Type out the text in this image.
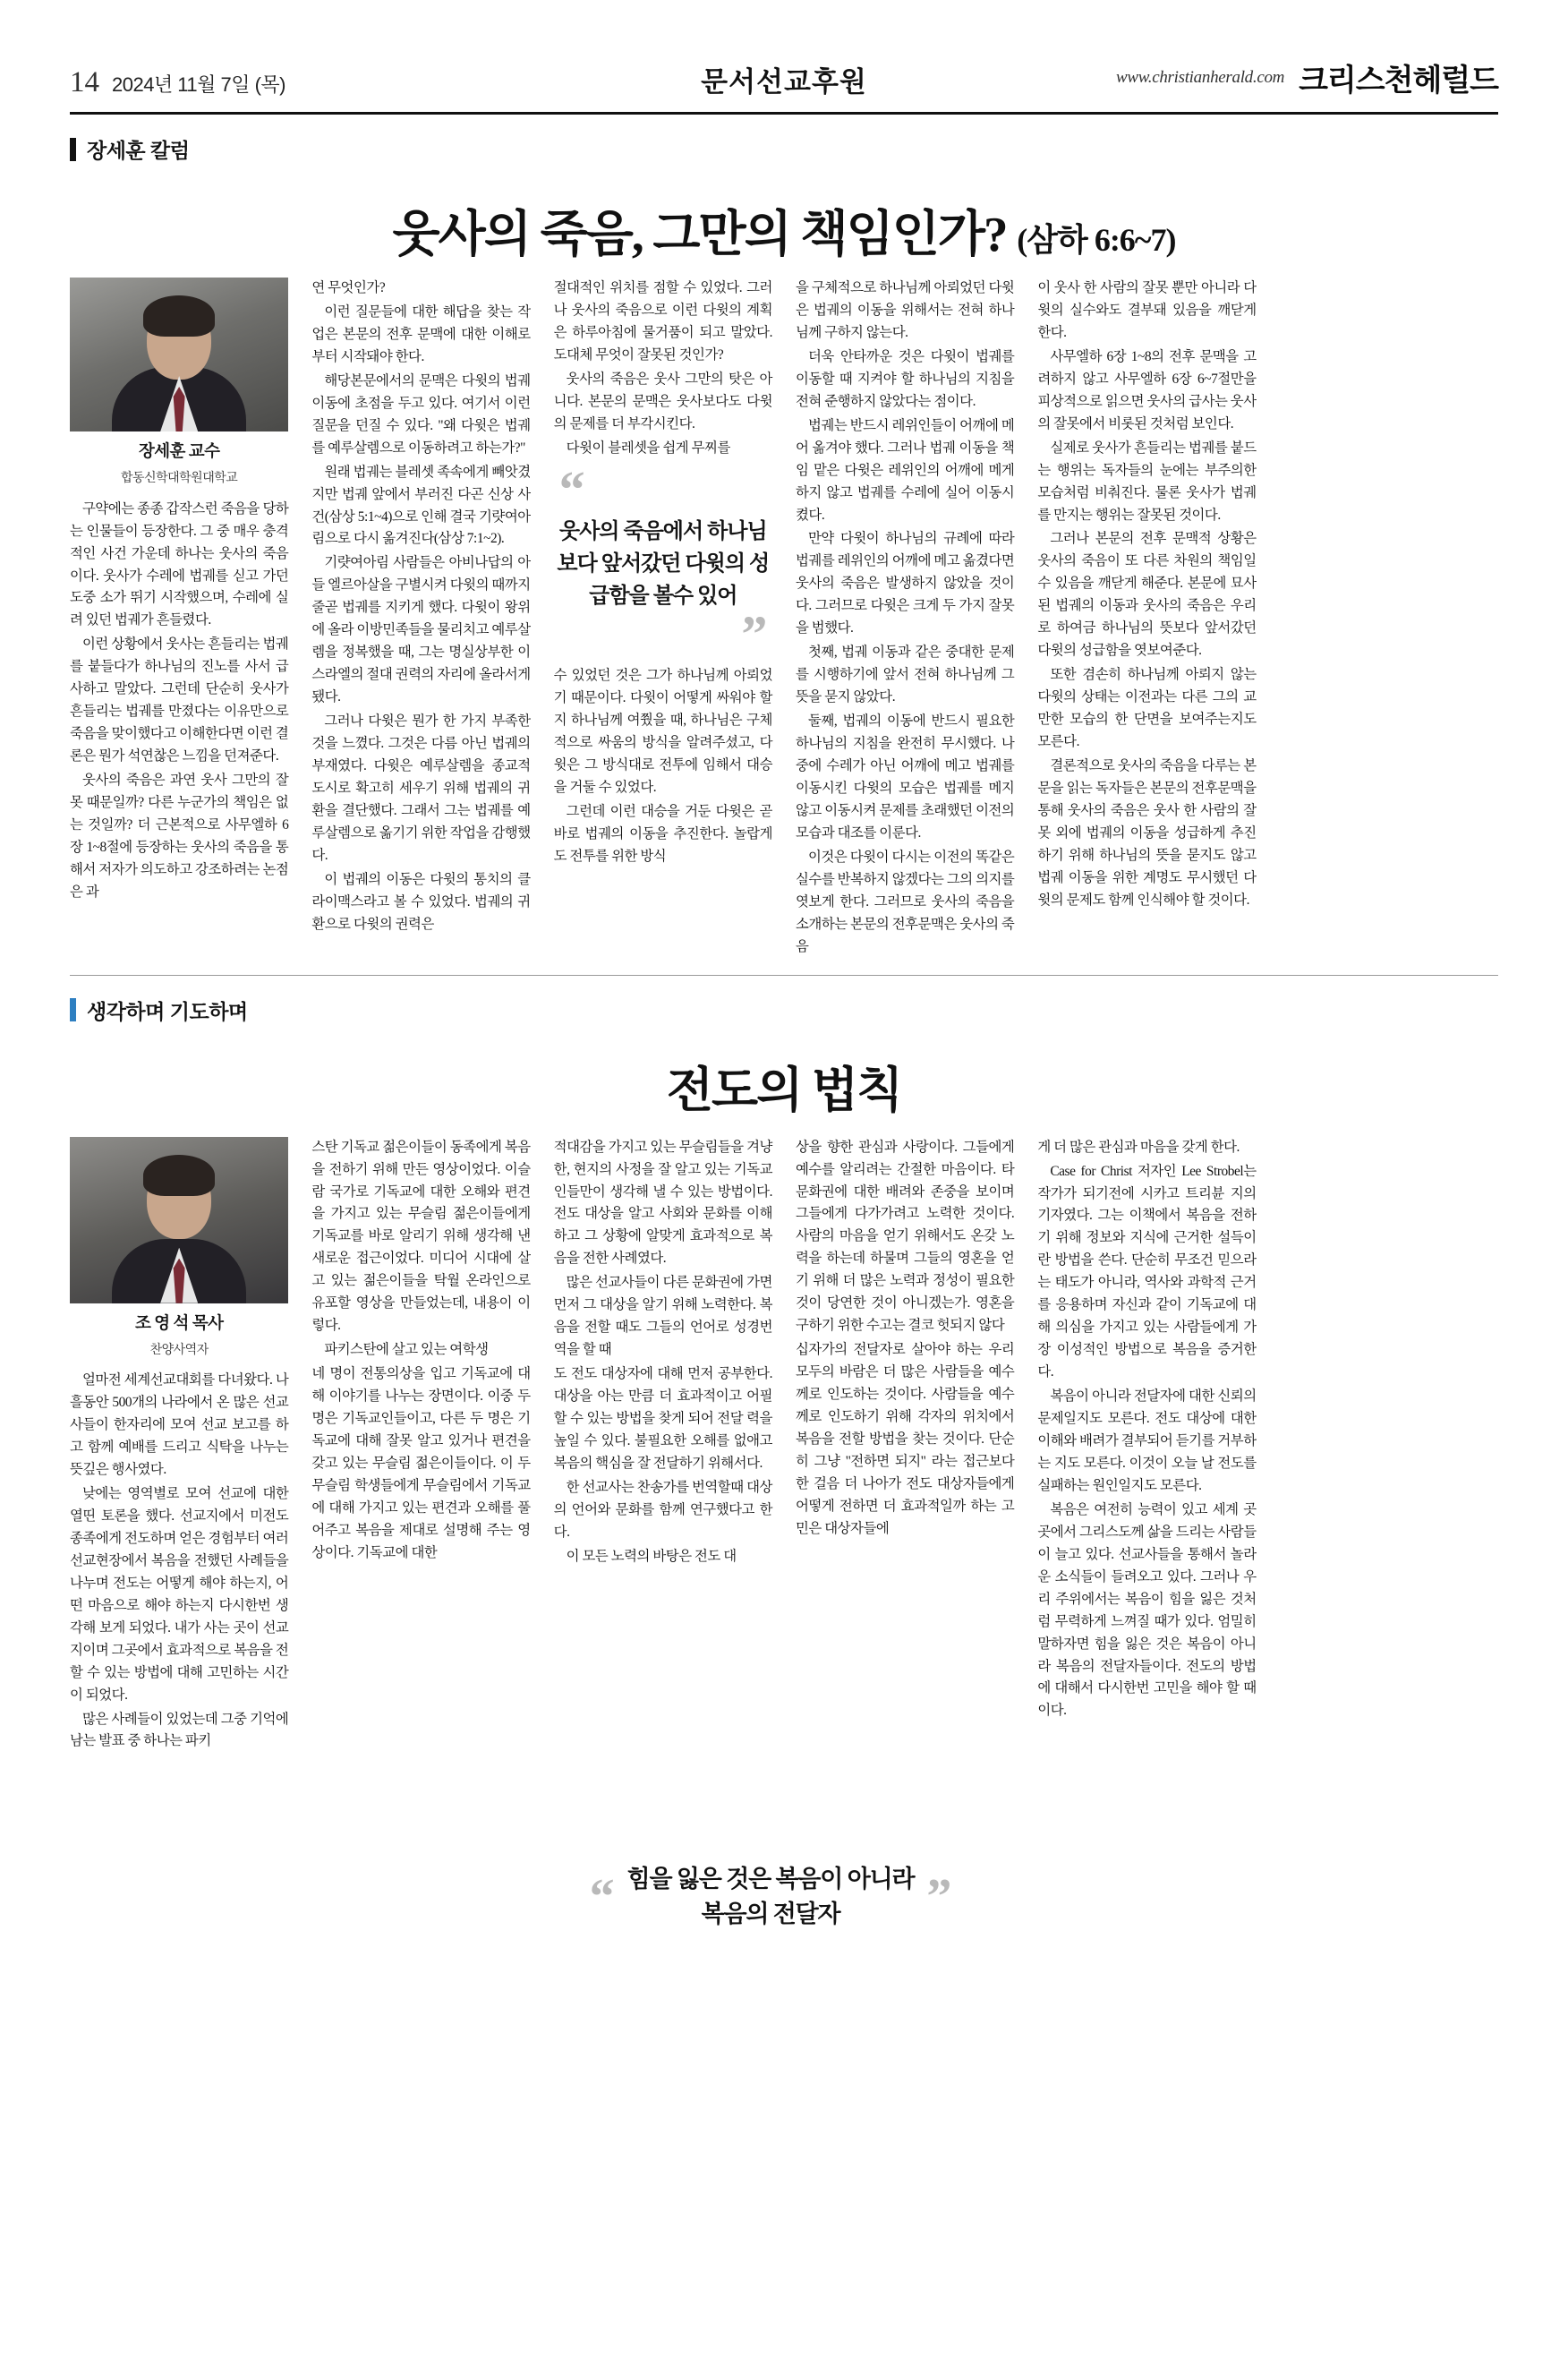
14 2024년 11월 7일 (목)	문서선교후원	www.christianherald.com 크리스천헤럴드
장세훈 칼럼
웃사의 죽음, 그만의 책임인가? (삼하 6:6~7)
장세훈 교수
합동신학대학원대학교

구약에는 종종 갑작스런 죽음을 당하는 인물들이 등장한다. 그 중 매우 충격적인 사건 가운데 하나는 웃사의 죽음이다. 웃사가 수레에 법궤를 싣고 가던 도중 소가 뛰기 시작했으며, 수레에 실려 있던 법궤가 흔들렸다.

이런 상황에서 웃사는 흔들리는 법궤를 붙들다가 하나님의 진노를 사서 급사하고 말았다. 그런데 단순히 웃사가 흔들리는 법궤를 만졌다는 이유만으로 죽음을 맞이했다고 이해한다면 이런 결론은 뭔가 석연찮은 느낌을 던져준다.

웃사의 죽음은 과연 웃사 그만의 잘못 때문일까? 다른 누군가의 책임은 없는 것일까? 더 근본적으로 사무엘하 6장 1~8절에 등장하는 웃사의 죽음을 통해서 저자가 의도하고 강조하려는 논점은 과

연 무엇인가?

이런 질문들에 대한 해답을 찾는 작업은 본문의 전후 문맥에 대한 이해로부터 시작돼야 한다.

해당본문에서의 문맥은 다윗의 법궤 이동에 초점을 두고 있다. 여기서 이런 질문을 던질 수 있다. "왜 다윗은 법궤를 예루살렘으로 이동하려고 하는가?"

원래 법궤는 블레셋 족속에게 빼앗겼지만 법궤 앞에서 부러진 다곤 신상 사건(삼상 5:1~4)으로 인해 결국 기럇여아림으로 다시 옮겨진다(삼상 7:1~2).

기럇여아림 사람들은 아비나답의 아들 엘르아살을 구별시켜 다윗의 때까지 줄곧 법궤를 지키게 했다. 다윗이 왕위에 올라 이방민족들을 물리치고 예루살렘을 정복했을 때, 그는 명실상부한 이스라엘의 절대 권력의 자리에 올라서게 됐다.

그러나 다윗은 뭔가 한 가지 부족한 것을 느꼈다. 그것은 다름 아닌 법궤의 부재였다. 다윗은 예루살렘을 종교적 도시로 확고히 세우기 위해 법궤의 귀환을 결단했다. 그래서 그는 법궤를 예루살렘으로 옮기기 위한 작업을 감행했다.

이 법궤의 이동은 다윗의 통치의 클라이맥스라고 볼 수 있었다. 법궤의 귀환으로 다윗의 권력은

절대적인 위치를 점할 수 있었다. 그러나 웃사의 죽음으로 이런 다윗의 계획은 하루아침에 물거품이 되고 말았다. 도대체 무엇이 잘못된 것인가?

웃사의 죽음은 웃사 그만의 탓은 아니다. 본문의 문맥은 웃사보다도 다윗의 문제를 더 부각시킨다.

다윗이 블레셋을 쉽게 무찌를

“
웃사의 죽음에서 하나님보다 앞서갔던 다윗의 성급함을 볼수 있어
”

수 있었던 것은 그가 하나님께 아뢰었기 때문이다. 다윗이 어떻게 싸워야 할지 하나님께 여쭸을 때, 하나님은 구체적으로 싸움의 방식을 알려주셨고, 다윗은 그 방식대로 전투에 임해서 대승을 거둘 수 있었다.

그런데 이런 대승을 거둔 다윗은 곧바로 법궤의 이동을 추진한다. 놀랍게도 전투를 위한 방식

을 구체적으로 하나님께 아뢰었던 다윗은 법궤의 이동을 위해서는 전혀 하나님께 구하지 않는다.

더욱 안타까운 것은 다윗이 법궤를 이동할 때 지켜야 할 하나님의 지침을 전혀 준행하지 않았다는 점이다.

법궤는 반드시 레위인들이 어깨에 메어 옮겨야 했다. 그러나 법궤 이동을 책임 맡은 다윗은 레위인의 어깨에 메게 하지 않고 법궤를 수레에 실어 이동시켰다.

만약 다윗이 하나님의 규례에 따라 법궤를 레위인의 어깨에 메고 옮겼다면 웃사의 죽음은 발생하지 않았을 것이다. 그러므로 다윗은 크게 두 가지 잘못을 범했다.

첫째, 법궤 이동과 같은 중대한 문제를 시행하기에 앞서 전혀 하나님께 그 뜻을 묻지 않았다.

둘째, 법궤의 이동에 반드시 필요한 하나님의 지침을 완전히 무시했다. 나중에 수레가 아닌 어깨에 메고 법궤를 이동시킨 다윗의 모습은 법궤를 메지 않고 이동시켜 문제를 초래했던 이전의 모습과 대조를 이룬다.

이것은 다윗이 다시는 이전의 똑같은 실수를 반복하지 않겠다는 그의 의지를 엿보게 한다. 그러므로 웃사의 죽음을 소개하는 본문의 전후문맥은 웃사의 죽음

이 웃사 한 사람의 잘못 뿐만 아니라 다윗의 실수와도 결부돼 있음을 깨닫게 한다.

사무엘하 6장 1~8의 전후 문맥을 고려하지 않고 사무엘하 6장 6~7절만을 피상적으로 읽으면 웃사의 급사는 웃사의 잘못에서 비롯된 것처럼 보인다.

실제로 웃사가 흔들리는 법궤를 붙드는 행위는 독자들의 눈에는 부주의한 모습처럼 비춰진다. 물론 웃사가 법궤를 만지는 행위는 잘못된 것이다.

그러나 본문의 전후 문맥적 상황은 웃사의 죽음이 또 다른 차원의 책임일 수 있음을 깨닫게 해준다. 본문에 묘사된 법궤의 이동과 웃사의 죽음은 우리로 하여금 하나님의 뜻보다 앞서갔던 다윗의 성급함을 엿보여준다.

또한 겸손히 하나님께 아뢰지 않는 다윗의 상태는 이전과는 다른 그의 교만한 모습의 한 단면을 보여주는지도 모른다.

결론적으로 웃사의 죽음을 다루는 본문을 읽는 독자들은 본문의 전후문맥을 통해 웃사의 죽음은 웃사 한 사람의 잘못 외에 법궤의 이동을 성급하게 추진하기 위해 하나님의 뜻을 묻지도 않고 법궤 이동을 위한 계명도 무시했던 다윗의 문제도 함께 인식해야 할 것이다.

생각하며 기도하며
전도의 법칙
조 영 석 목사
찬양사역자

얼마전 세계선교대회를 다녀왔다. 나흘동안 500개의 나라에서 온 많은 선교사들이 한자리에 모여 선교 보고를 하고 함께 예배를 드리고 식탁을 나누는 뜻깊은 행사였다.

낮에는 영역별로 모여 선교에 대한 열띤 토론을 했다. 선교지에서 미전도 종족에게 전도하며 얻은 경험부터 여러 선교현장에서 복음을 전했던 사례들을 나누며 전도는 어떻게 해야 하는지, 어떤 마음으로 해야 하는지 다시한번 생각해 보게 되었다. 내가 사는 곳이 선교지이며 그곳에서 효과적으로 복음을 전할 수 있는 방법에 대해 고민하는 시간이 되었다.

많은 사례들이 있었는데 그중 기억에 남는 발표 중 하나는 파키

스탄 기독교 젊은이들이 동족에게 복음을 전하기 위해 만든 영상이었다. 이슬람 국가로 기독교에 대한 오해와 편견을 가지고 있는 무슬림 젊은이들에게 기독교를 바로 알리기 위해 생각해 낸 새로운 접근이었다. 미디어 시대에 살고 있는 젊은이들을 탁월 온라인으로 유포할 영상을 만들었는데, 내용이 이렇다.

파키스탄에 살고 있는 여학생

네 명이 전통의상을 입고 기독교에 대해 이야기를 나누는 장면이다. 이중 두 명은 기독교인들이고, 다른 두 명은 기독교에 대해 잘못 알고 있거나 편견을 갖고 있는 무슬림 젊은이들이다. 이 두 무슬림 학생들에게 무슬림에서 기독교에 대해 가지고 있는 편견과 오해를 풀어주고 복음을 제대로 설명해 주는 영상이다. 기독교에 대한

적대감을 가지고 있는 무슬림들을 겨냥한, 현지의 사정을 잘 알고 있는 기독교인들만이 생각해 낼 수 있는 방법이다. 전도 대상을 알고 사회와 문화를 이해하고 그 상황에 알맞게 효과적으로 복음을 전한 사례였다.

많은 선교사들이 다른 문화권에 가면 먼저 그 대상을 알기 위해 노력한다. 복음을 전할 때도 그들의 언어로 성경번역을 할 때

도 전도 대상자에 대해 먼저 공부한다. 대상을 아는 만큼 더 효과적이고 어필할 수 있는 방법을 찾게 되어 전달 력을 높일 수 있다. 불필요한 오해를 없애고 복음의 핵심을 잘 전달하기 위해서다.

한 선교사는 찬송가를 번역할때 대상의 언어와 문화를 함께 연구했다고 한다.

이 모든 노력의 바탕은 전도 대

상을 향한 관심과 사랑이다. 그들에게 예수를 알리려는 간절한 마음이다. 타문화권에 대한 배려와 존중을 보이며 그들에게 다가가려고 노력한 것이다. 사람의 마음을 얻기 위해서도 온갖 노력을 하는데 하물며 그들의 영혼을 얻기 위해 더 많은 노력과 정성이 필요한 것이 당연한 것이 아니겠는가. 영혼을 구하기 위한 수고는 결코 헛되지 않다

십자가의 전달자로 살아야 하는 우리 모두의 바람은 더 많은 사람들을 예수께로 인도하는 것이다. 사람들을 예수께로 인도하기 위해 각자의 위치에서 복음을 전할 방법을 찾는 것이다. 단순히 그냥 "전하면 되지" 라는 접근보다 한 걸음 더 나아가 전도 대상자들에게 어떻게 전하면 더 효과적일까 하는 고민은 대상자들에

게 더 많은 관심과 마음을 갖게 한다.

Case for Christ 저자인 Lee Strobel는 작가가 되기전에 시카고 트리뷴 지의 기자였다. 그는 이책에서 복음을 전하기 위해 정보와 지식에 근거한 설득이란 방법을 쓴다. 단순히 무조건 믿으라는 태도가 아니라, 역사와 과학적 근거를 응용하며 자신과 같이 기독교에 대해 의심을 가지고 있는 사람들에게 가장 이성적인 방법으로 복음을 증거한다.

복음이 아니라 전달자에 대한 신뢰의 문제일지도 모른다. 전도 대상에 대한 이해와 배려가 결부되어 듣기를 거부하는 지도 모른다. 이것이 오늘 날 전도를 실패하는 원인일지도 모른다.

복음은 여전히 능력이 있고 세계 곳곳에서 그리스도께 삶을 드리는 사람들이 늘고 있다. 선교사들을 통해서 놀라운 소식들이 들려오고 있다. 그러나 우리 주위에서는 복음이 힘을 잃은 것처럼 무력하게 느껴질 때가 있다. 엄밀히 말하자면 힘을 잃은 것은 복음이 아니라 복음의 전달자들이다. 전도의 방법에 대해서 다시한번 고민을 해야 할 때이다.

“ 힘을 잃은 것은 복음이 아니라
복음의 전달자	”
